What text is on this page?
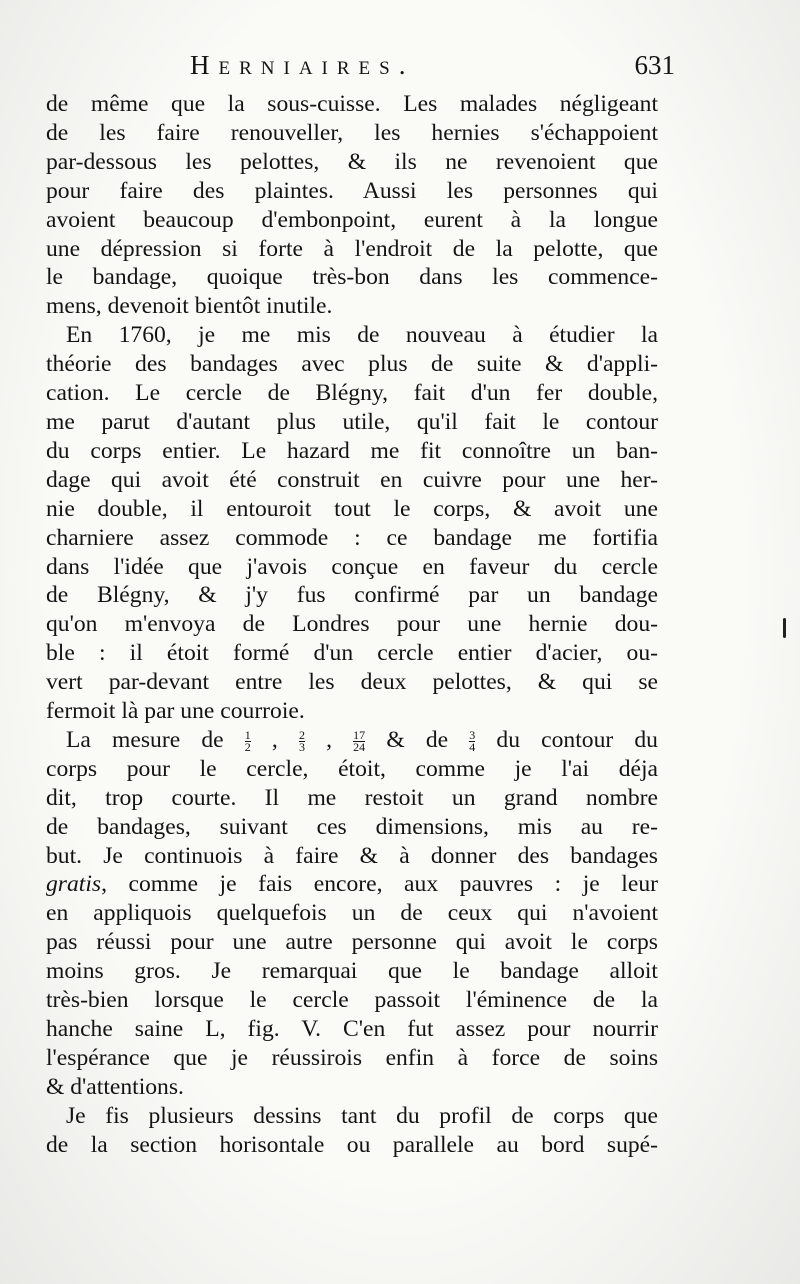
Herniaires.	631
de même que la sous-cuisse. Les malades négligeant
de les faire renouveller, les hernies s'échappoient
par-dessous les pelottes, & ils ne revenoient que
pour faire des plaintes. Aussi les personnes qui
avoient beaucoup d'embonpoint, eurent à la longue
une dépression si forte à l'endroit de la pelotte, que
le bandage, quoique très-bon dans les commence-
mens, devenoit bientôt inutile.
En 1760, je me mis de nouveau à étudier la
théorie des bandages avec plus de suite & d'appli-
cation. Le cercle de Blégny, fait d'un fer double,
me parut d'autant plus utile, qu'il fait le contour
du corps entier. Le hazard me fit connoître un ban-
dage qui avoit été construit en cuivre pour une her-
nie double, il entouroit tout le corps, & avoit une
charniere assez commode : ce bandage me fortifia
dans l'idée que j'avois conçue en faveur du cercle
de Blégny, & j'y fus confirmé par un bandage
qu'on m'envoya de Londres pour une hernie dou-
ble : il étoit formé d'un cercle entier d'acier, ou-
vert par-devant entre les deux pelottes, & qui se
fermoit là par une courroie.
La mesure de $\frac{1}{2}$ , $\frac{2}{3}$ , $\frac{17}{24}$ & de $\frac{3}{4}$ du contour du
corps pour le cercle, étoit, comme je l'ai déja
dit, trop courte. Il me restoit un grand nombre
de bandages, suivant ces dimensions, mis au re-
but. Je continuois à faire & à donner des bandages
gratis, comme je fais encore, aux pauvres : je leur
en appliquois quelquefois un de ceux qui n'avoient
pas réussi pour une autre personne qui avoit le corps
moins gros. Je remarquai que le bandage alloit
très-bien lorsque le cercle passoit l'éminence de la
hanche saine L, fig. V. C'en fut assez pour nourrir
l'espérance que je réussirois enfin à force de soins
& d'attentions.
Je fis plusieurs dessins tant du profil de corps que
de la section horisontale ou parallele au bord supé-
